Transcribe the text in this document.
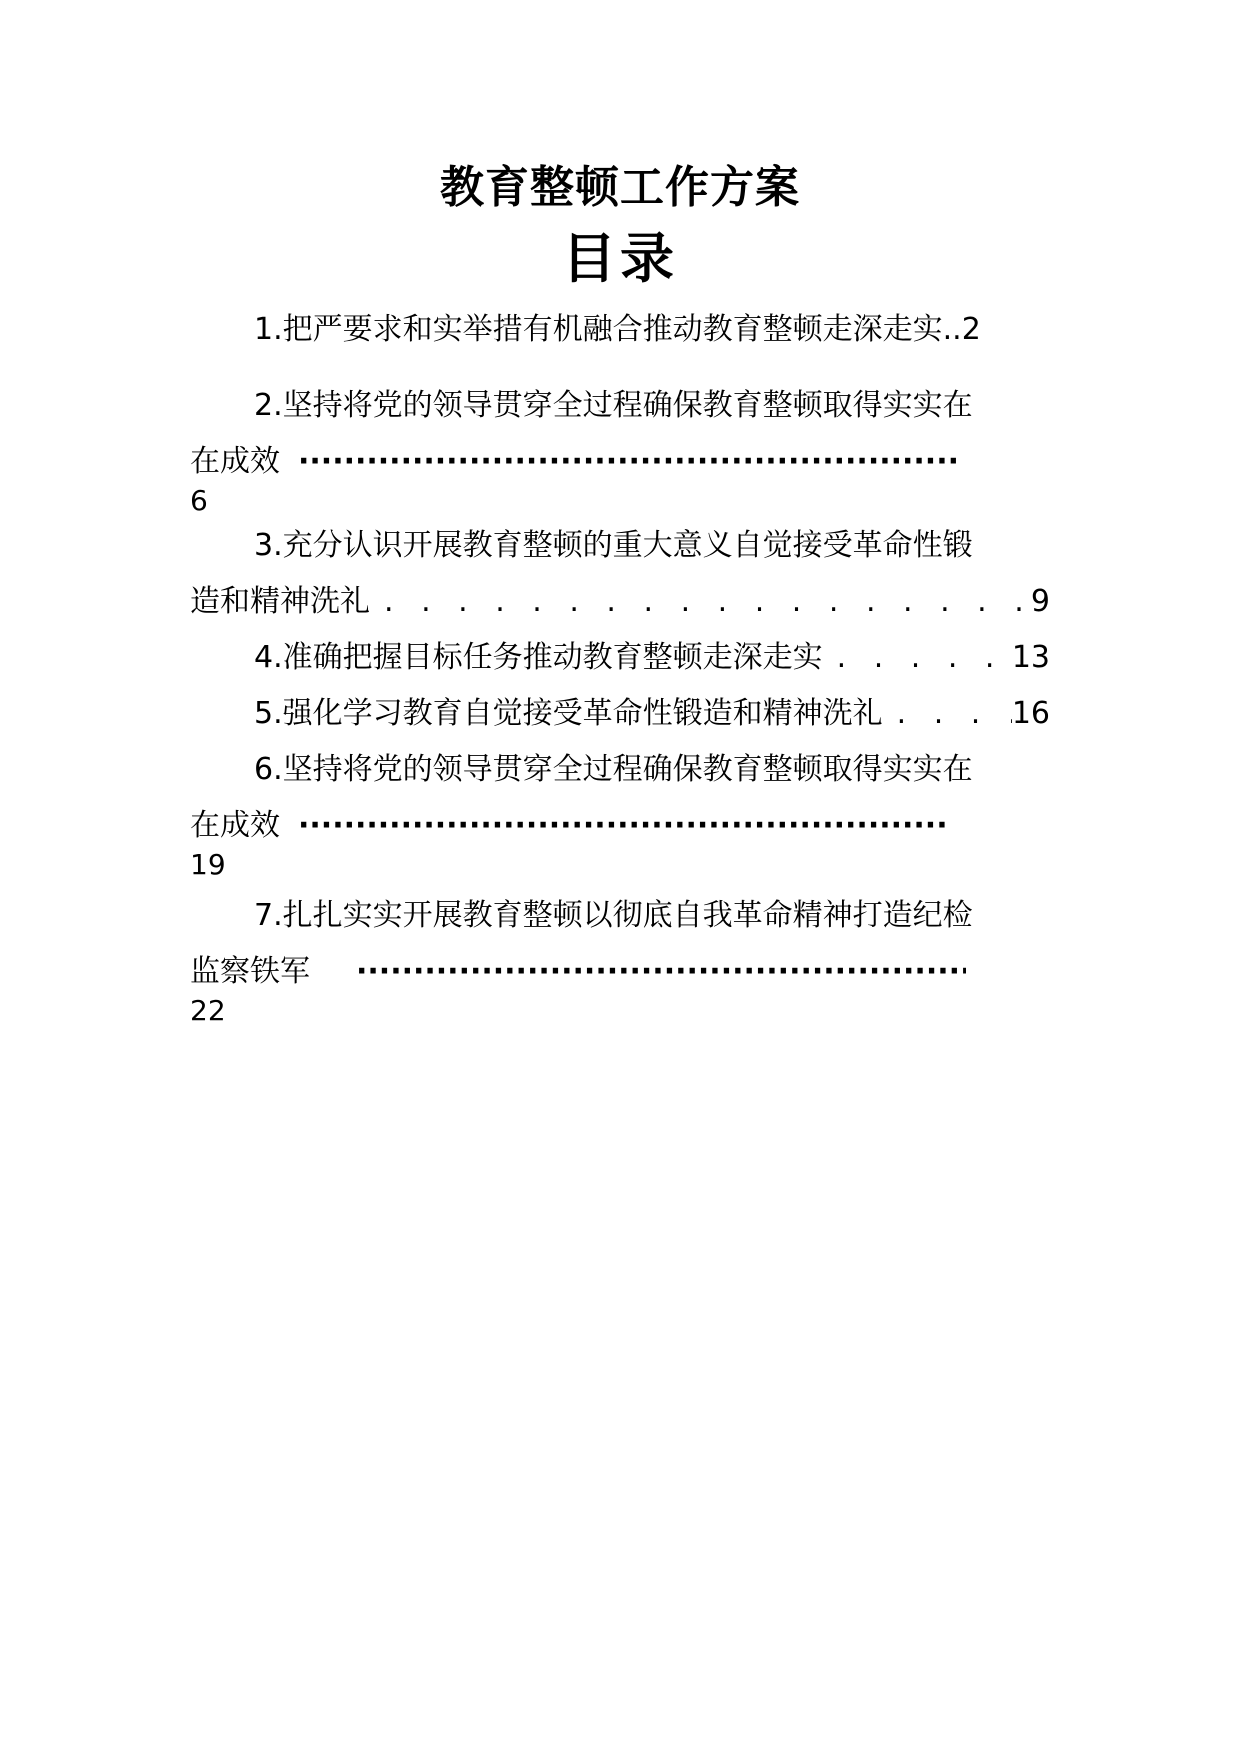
教育整顿工作方案
目录
1.把严要求和实举措有机融合推动教育整顿走深走实 .. 2
2.坚持将党的领导贯穿全过程确保教育整顿取得实实在
在成效
·····
6
3.充分认识开展教育整顿的重大意义自觉接受革命性锻
造和精神洗礼 . . .	9
4.准确把握目标任务推动教育整顿走深走实 . . .	13
5.强化学习教育自觉接受革命性锻造和精神洗礼 . . .	16
6.坚持将党的领导贯穿全过程确保教育整顿取得实实在
在成效
·····
19
7.扎扎实实开展教育整顿以彻底自我革命精神打造纪检
监察铁军
·····
22
